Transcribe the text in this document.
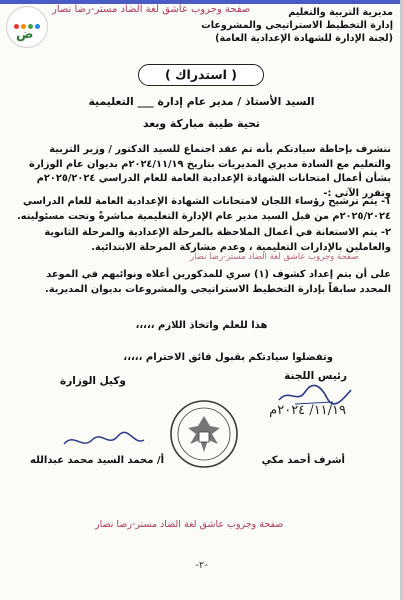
ض
صفحة وجروب عاشق لغة الضاد مستر-رضا نصار	مديرية التربية والتعليم
إدارة التخطيط الاستراتيجي والمشروعات
(لجنة الإدارة للشهادة الإعدادية العامة)
( استدراك )
السيد الأستاذ / مدير عام إدارة ___ التعليمية
تحية طيبة مباركة وبعد
نتشرف بإحاطة سيادتكم بأنه تم عقد اجتماع للسيد الدكتور / وزير التربية والتعليم مع السادة مديري المديريات بتاريخ ٢٠٢٤/١١/١٩م بديوان عام الوزارة بشأن أعمال امتحانات الشهادة الإعدادية العامة للعام الدراسي ٢٠٢٥/٢٠٢٤م وتقرر الآتي :-
١- يتم ترشيح رؤساء اللجان لامتحانات الشهادة الإعدادية العامة للعام الدراسي ٢٠٢٥/٢٠٢٤م من قبل السيد مدير عام الإدارة التعليمية مباشرةً وتحت مسئوليته.
٢- يتم الاستعانة في أعمال الملاحظة بالمرحلة الإعدادية والمرحلة الثانوية والعاملين بالإدارات التعليمية ، وعدم مشاركة المرحلة الابتدائية.
صفحة وجروب عاشق لغة الضاد مستر-رضا نصار
على أن يتم إعداد كشوف (١) سري للمذكورين أعلاه ونوائبهم في الموعد المحدد سابقاً بإدارة التخطيط الاستراتيجي والمشروعات بديوان المديرية.
هذا للعلم واتخاذ اللازم ،،،،،
وتفضلوا سيادتكم بقبول فائق الاحترام ،،،،،
رئيس اللجنة
وكيل الوزارة
١١/١٩/ ٢٠٢٤م
أشرف أحمد مكي
أ/ محمد السيد محمد عبدالله
صفحة وجروب عاشق لغة الضاد مستر-رضا نصار
-٢-
